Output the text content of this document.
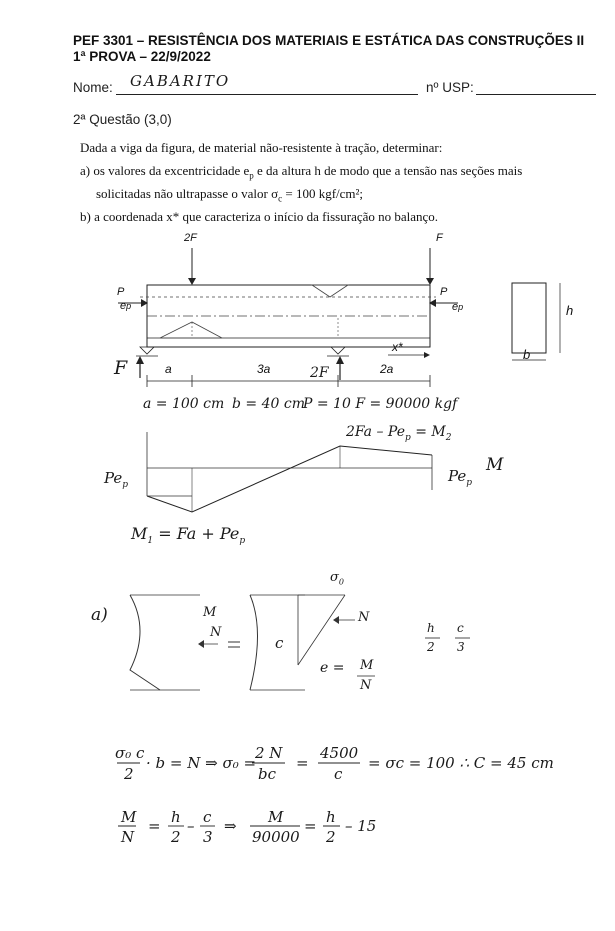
PEF 3301 – RESISTÊNCIA DOS MATERIAIS E ESTÁTICA DAS CONSTRUÇÕES II
1ª PROVA – 22/9/2022
Nome: GABARITO	nº USP:
2ª Questão (3,0)
Dada a viga da figura, de material não-resistente à tração, determinar:
a) os valores da excentricidade $e_p$ e da altura h de modo que a tensão nas seções mais
solicitadas não ultrapasse o valor $\sigma_c = 100$ kgf/cm²;
b) a coordenada x* que caracteriza o início da fissuração no balanço.
2F	F
P	P
ep	ep
F	2F
a	3a	2a
x*
h
b
a = 100 cm b = 40 cm
P = 10 F = 90000 kgf
$2Fa - Pe_p = M_2$
$Pe_p$	$Pe_p$
M
$M_1 = Fa + Pe_p$
a)
$\sigma_0$
M
N
c
N
h
2
c
3
e = M
N
σ₀ c
2
· b = N ⇒ σ₀ =
2 N
bc
=
4500
c
= σc = 100 ∴ C = 45 cm
M
N
= h
2
– c
3
⇒ M
90000
= h
2
– 15
